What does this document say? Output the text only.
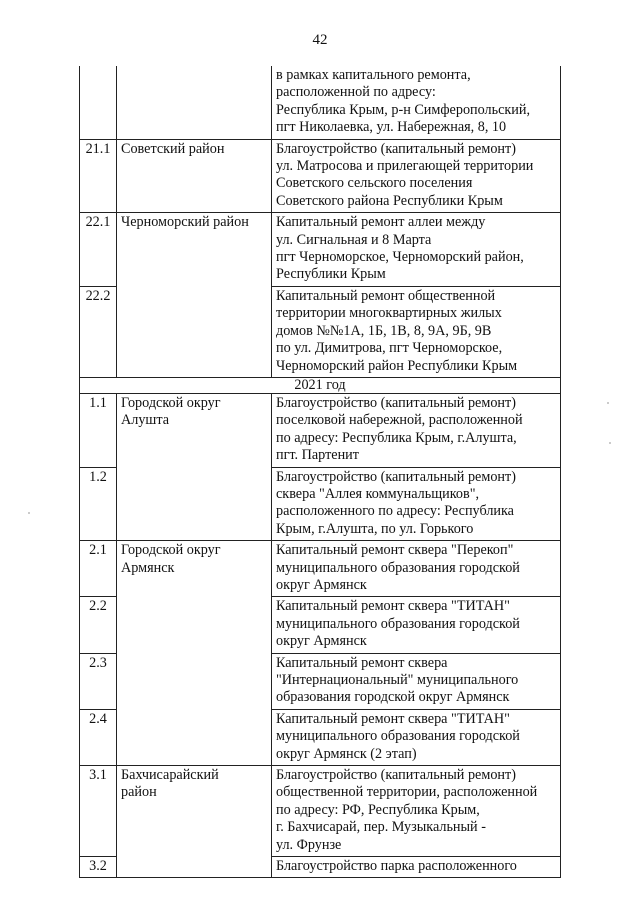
42
		в рамках капитального ремонта,
расположенной по адресу:
Республика Крым, р-н Симферопольский,
пгт Николаевка, ул. Набережная, 8, 10
21.1	Советский район	Благоустройство (капитальный ремонт)
ул. Матросова и прилегающей территории
Советского сельского поселения
Советского района Республики Крым
22.1	Черноморский район	Капитальный ремонт аллеи между
ул. Сигнальная и 8 Марта
пгт Черноморское, Черноморский район,
Республики Крым
22.2		Капитальный ремонт общественной
территории многоквартирных жилых
домов №№1А, 1Б, 1В, 8, 9А, 9Б, 9В
по ул. Димитрова, пгт Черноморское,
Черноморский район Республики Крым
2021 год		
1.1	Городской округ
Алушта	Благоустройство (капитальный ремонт)
поселковой набережной, расположенной
по адресу: Республика Крым, г.Алушта,
пгт. Партенит
1.2		Благоустройство (капитальный ремонт)
сквера "Аллея коммунальщиков",
расположенного по адресу: Республика
Крым, г.Алушта, по ул. Горького
2.1	Городской округ
Армянск	Капитальный ремонт сквера "Перекоп"
муниципального образования городской
округ Армянск
2.2		Капитальный ремонт сквера "ТИТАН"
муниципального образования городской
округ Армянск
2.3		Капитальный ремонт сквера
"Интернациональный" муниципального
образования городской округ Армянск
2.4		Капитальный ремонт сквера "ТИТАН"
муниципального образования городской
округ Армянск (2 этап)
3.1	Бахчисарайский
район	Благоустройство (капитальный ремонт)
общественной территории, расположенной
по адресу: РФ, Республика Крым,
г. Бахчисарай, пер. Музыкальный -
ул. Фрунзе
3.2		Благоустройство парка расположенного
